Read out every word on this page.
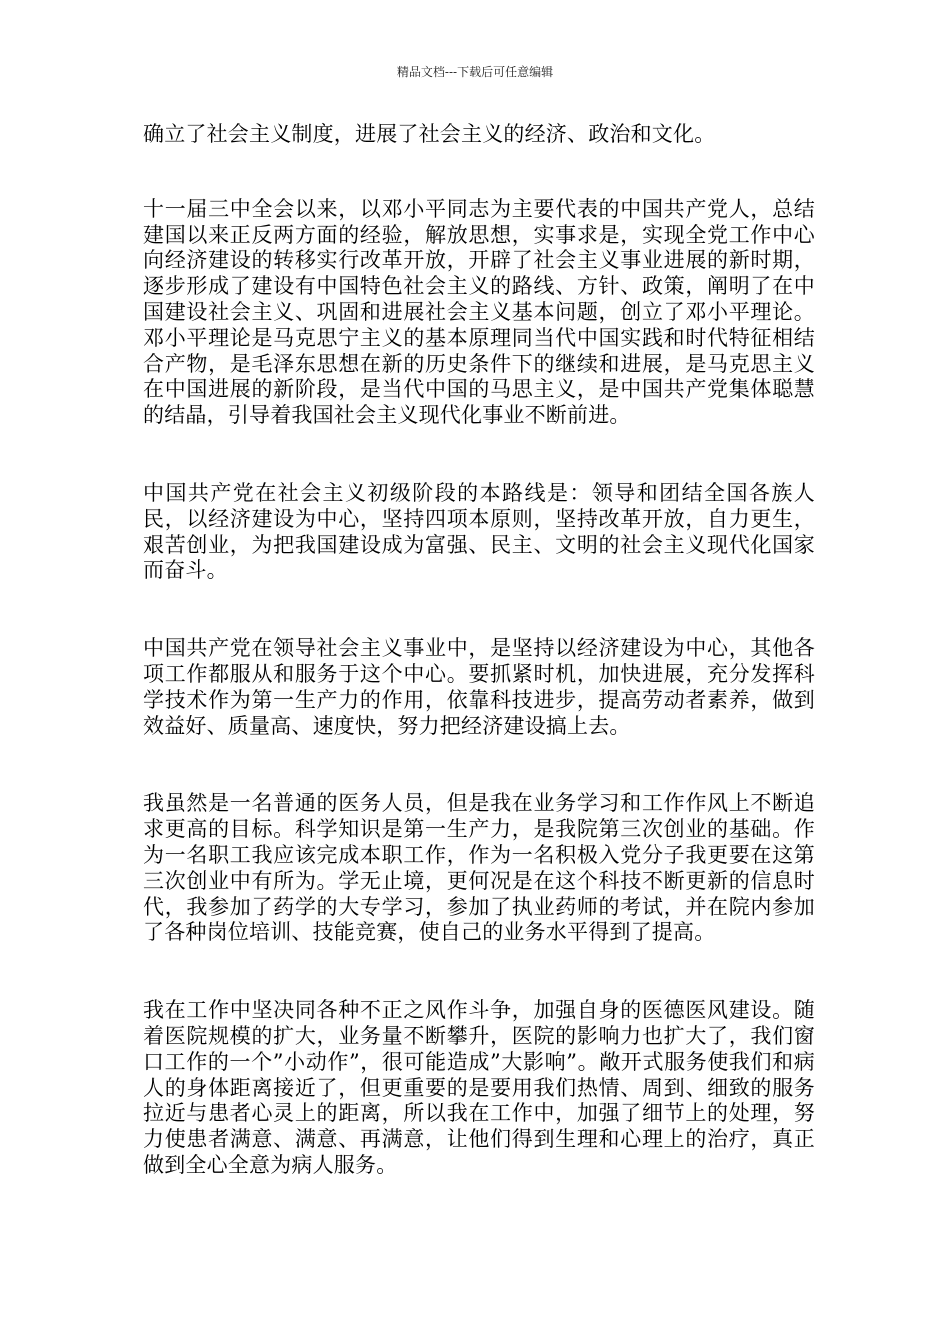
精品文档---下载后可任意编辑

确立了社会主义制度，进展了社会主义的经济、政治和文化。

十一届三中全会以来，以邓小平同志为主要代表的中国共产党人，总结建国以来正反两方面的经验，解放思想，实事求是，实现全党工作中心向经济建设的转移实行改革开放，开辟了社会主义事业进展的新时期，逐步形成了建设有中国特色社会主义的路线、方针、政策，阐明了在中国建设社会主义、巩固和进展社会主义基本问题，创立了邓小平理论。邓小平理论是马克思宁主义的基本原理同当代中国实践和时代特征相结合产物，是毛泽东思想在新的历史条件下的继续和进展，是马克思主义在中国进展的新阶段，是当代中国的马思主义，是中国共产党集体聪慧的结晶，引导着我国社会主义现代化事业不断前进。

中国共产党在社会主义初级阶段的本路线是：领导和团结全国各族人民，以经济建设为中心，坚持四项本原则，坚持改革开放，自力更生，艰苦创业，为把我国建设成为富强、民主、文明的社会主义现代化国家而奋斗。

中国共产党在领导社会主义事业中，是坚持以经济建设为中心，其他各项工作都服从和服务于这个中心。要抓紧时机，加快进展，充分发挥科学技术作为第一生产力的作用，依靠科技进步，提高劳动者素养，做到效益好、质量高、速度快，努力把经济建设搞上去。

我虽然是一名普通的医务人员，但是我在业务学习和工作作风上不断追求更高的目标。科学知识是第一生产力，是我院第三次创业的基础。作为一名职工我应该完成本职工作，作为一名积极入党分子我更要在这第三次创业中有所为。学无止境，更何况是在这个科技不断更新的信息时代，我参加了药学的大专学习，参加了执业药师的考试，并在院内参加了各种岗位培训、技能竞赛，使自己的业务水平得到了提高。

我在工作中坚决同各种不正之风作斗争，加强自身的医德医风建设。随着医院规模的扩大，业务量不断攀升，医院的影响力也扩大了，我们窗口工作的一个”小动作”，很可能造成”大影响”。敞开式服务使我们和病人的身体距离接近了，但更重要的是要用我们热情、周到、细致的服务拉近与患者心灵上的距离，所以我在工作中，加强了细节上的处理，努力使患者满意、满意、再满意，让他们得到生理和心理上的治疗，真正做到全心全意为病人服务。
